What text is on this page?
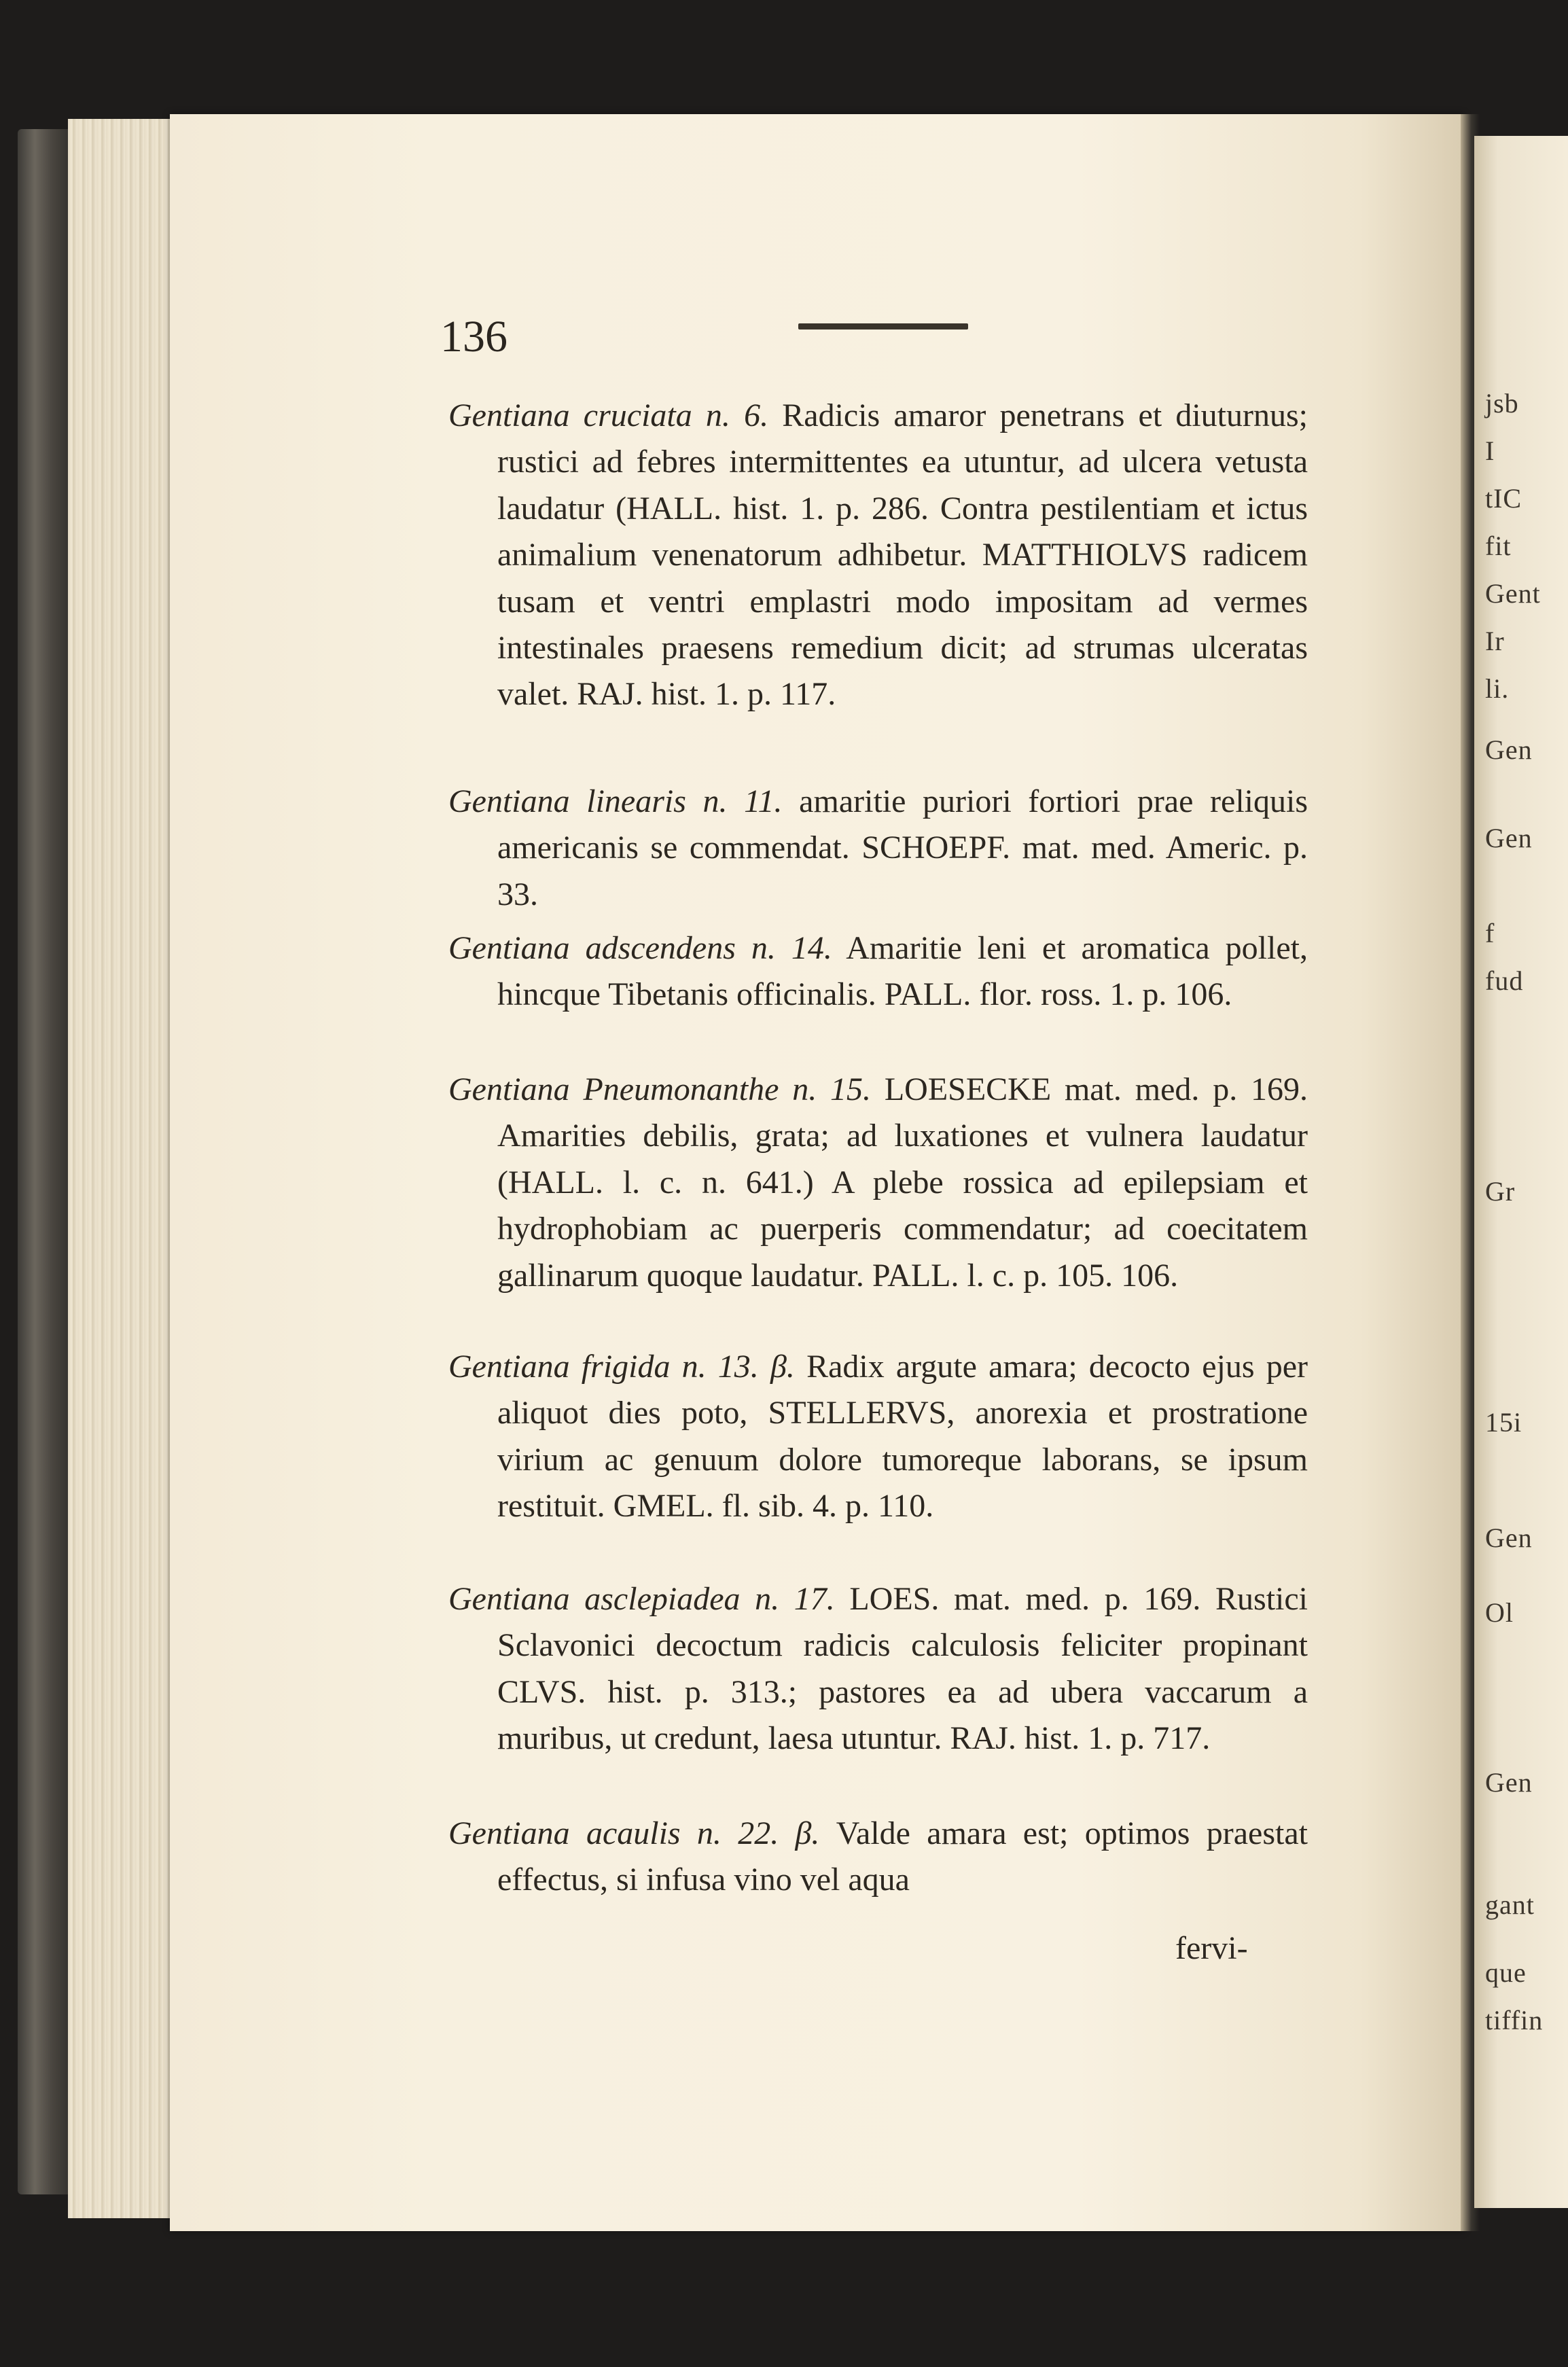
jsb
I
tIC
fit
Gent
Ir
li.
Gen
Gen
f
fud
Gr
15i
Gen
Ol
Gen
gant
que
tiffin
136
Gentiana cruciata n. 6. Radicis amaror penetrans et diuturnus; rustici ad febres intermittentes ea utuntur, ad ulcera vetusta laudatur (HALL. hist. 1. p. 286. Contra pestilentiam et ictus animalium venenatorum adhibetur. MATTHIOLVS radicem tusam et ventri emplastri modo impositam ad vermes intestinales praesens remedium dicit; ad strumas ulceratas valet. RAJ. hist. 1. p. 117.
Gentiana linearis n. 11. amaritie puriori fortiori prae reliquis americanis se commendat. SCHOEPF. mat. med. Americ. p. 33.
Gentiana adscendens n. 14. Amaritie leni et aromatica pollet, hincque Tibetanis officinalis. PALL. flor. ross. 1. p. 106.
Gentiana Pneumonanthe n. 15. LOESECKE mat. med. p. 169. Amarities debilis, grata; ad luxationes et vulnera laudatur (HALL. l. c. n. 641.) A plebe rossica ad epilepsiam et hydrophobiam ac puerperis commendatur; ad coecitatem gallinarum quoque laudatur. PALL. l. c. p. 105. 106.
Gentiana frigida n. 13. β. Radix argute amara; decocto ejus per aliquot dies poto, STELLERVS, anorexia et prostratione virium ac genuum dolore tumoreque laborans, se ipsum restituit. GMEL. fl. sib. 4. p. 110.
Gentiana asclepiadea n. 17. LOES. mat. med. p. 169. Rustici Sclavonici decoctum radicis calculosis feliciter propinant CLVS. hist. p. 313.; pastores ea ad ubera vaccarum a muribus, ut credunt, laesa utuntur. RAJ. hist. 1. p. 717.
Gentiana acaulis n. 22. β. Valde amara est; optimos praestat effectus, si infusa vino vel aqua
fervi-
